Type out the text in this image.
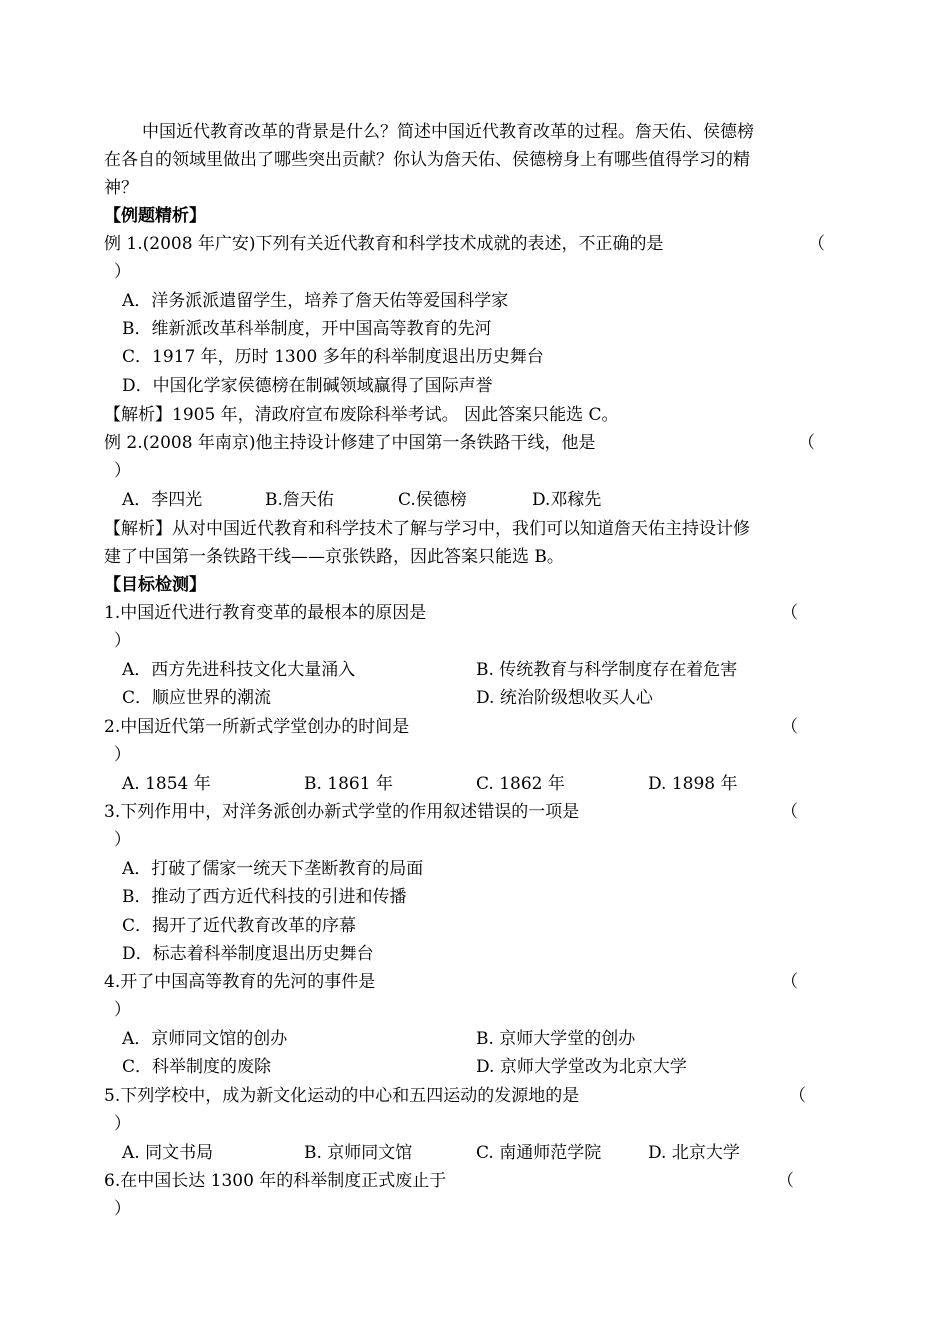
中国近代教育改革的背景是什么？简述中国近代教育改革的过程。詹天佑、侯德榜
在各自的领域里做出了哪些突出贡献？你认为詹天佑、侯德榜身上有哪些值得学习的精
神？
【例题精析】
例 1.(2008 年广安)下列有关近代教育和科学技术成就的表述，不正确的是	（
）
A．洋务派派遣留学生，培养了詹天佑等爱国科学家
B．维新派改革科举制度，开中国高等教育的先河
C．1917 年，历时 1300 多年的科举制度退出历史舞台
D．中国化学家侯德榜在制碱领域赢得了国际声誉
【解析】1905 年，清政府宣布废除科举考试。 因此答案只能选 C。
例 2.(2008 年南京)他主持设计修建了中国第一条铁路干线，他是	（
）
A．李四光	B.詹天佑	C.侯德榜	D.邓稼先
【解析】从对中国近代教育和科学技术了解与学习中，我们可以知道詹天佑主持设计修
建了中国第一条铁路干线——京张铁路，因此答案只能选 B。
【目标检测】
1.中国近代进行教育变革的最根本的原因是	（
）
A．西方先进科技文化大量涌入	B. 传统教育与科学制度存在着危害
C．顺应世界的潮流	D. 统治阶级想收买人心
2.中国近代第一所新式学堂创办的时间是	（
）
A. 1854 年	B. 1861 年	C. 1862 年	D. 1898 年
3.下列作用中，对洋务派创办新式学堂的作用叙述错误的一项是	（
）
A．打破了儒家一统天下垄断教育的局面
B．推动了西方近代科技的引进和传播
C．揭开了近代教育改革的序幕
D．标志着科举制度退出历史舞台
4.开了中国高等教育的先河的事件是	（
）
A．京师同文馆的创办	B. 京师大学堂的创办
C．科举制度的废除	D. 京师大学堂改为北京大学
5.下列学校中，成为新文化运动的中心和五四运动的发源地的是	（
）
A. 同文书局	B. 京师同文馆	C. 南通师范学院	D. 北京大学
6.在中国长达 1300 年的科举制度正式废止于	（
）
